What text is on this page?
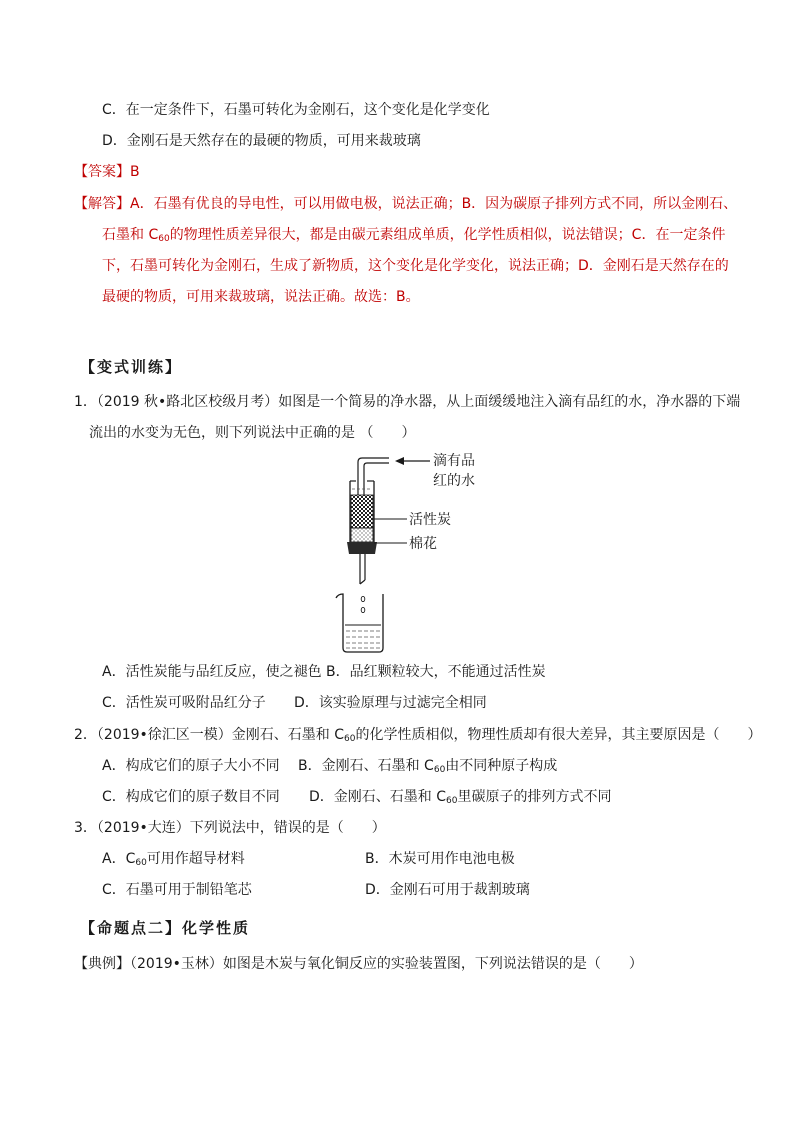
C．在一定条件下，石墨可转化为金刚石，这个变化是化学变化
D．金刚石是天然存在的最硬的物质，可用来裁玻璃
【答案】B
【解答】A．石墨有优良的导电性，可以用做电极，说法正确；B．因为碳原子排列方式不同，所以金刚石、
石墨和 $C_{60}$的物理性质差异很大，都是由碳元素组成单质，化学性质相似，说法错误；C．在一定条件
下，石墨可转化为金刚石，生成了新物质，这个变化是化学变化，说法正确；D．金刚石是天然存在的
最硬的物质，可用来裁玻璃，说法正确。故选：B。
【变式训练】
1．（2019 秋•路北区校级月考）如图是一个简易的净水器，从上面缓缓地注入滴有品红的水，净水器的下端
流出的水变为无色，则下列说法中正确的是 （　　）
滴有品
红的水
活性炭
棉花
A．活性炭能与品红反应，使之褪色 B．品红颗粒较大，不能通过活性炭
C．活性炭可吸附品红分子 D．该实验原理与过滤完全相同
2．（2019•徐汇区一模）金刚石、石墨和 $C_{60}$的化学性质相似，物理性质却有很大差异，其主要原因是（　　）
A．构成它们的原子大小不同 B．金刚石、石墨和 $C_{60}$由不同种原子构成
C．构成它们的原子数目不同 D．金刚石、石墨和 $C_{60}$里碳原子的排列方式不同
3．（2019•大连）下列说法中，错误的是（　　）
A．$C_{60}$可用作超导材料	B．木炭可用作电池电极
C．石墨可用于制铅笔芯	D．金刚石可用于裁割玻璃
【命题点二】化学性质
【典例】（2019•玉林）如图是木炭与氧化铜反应的实验装置图，下列说法错误的是（　　）
